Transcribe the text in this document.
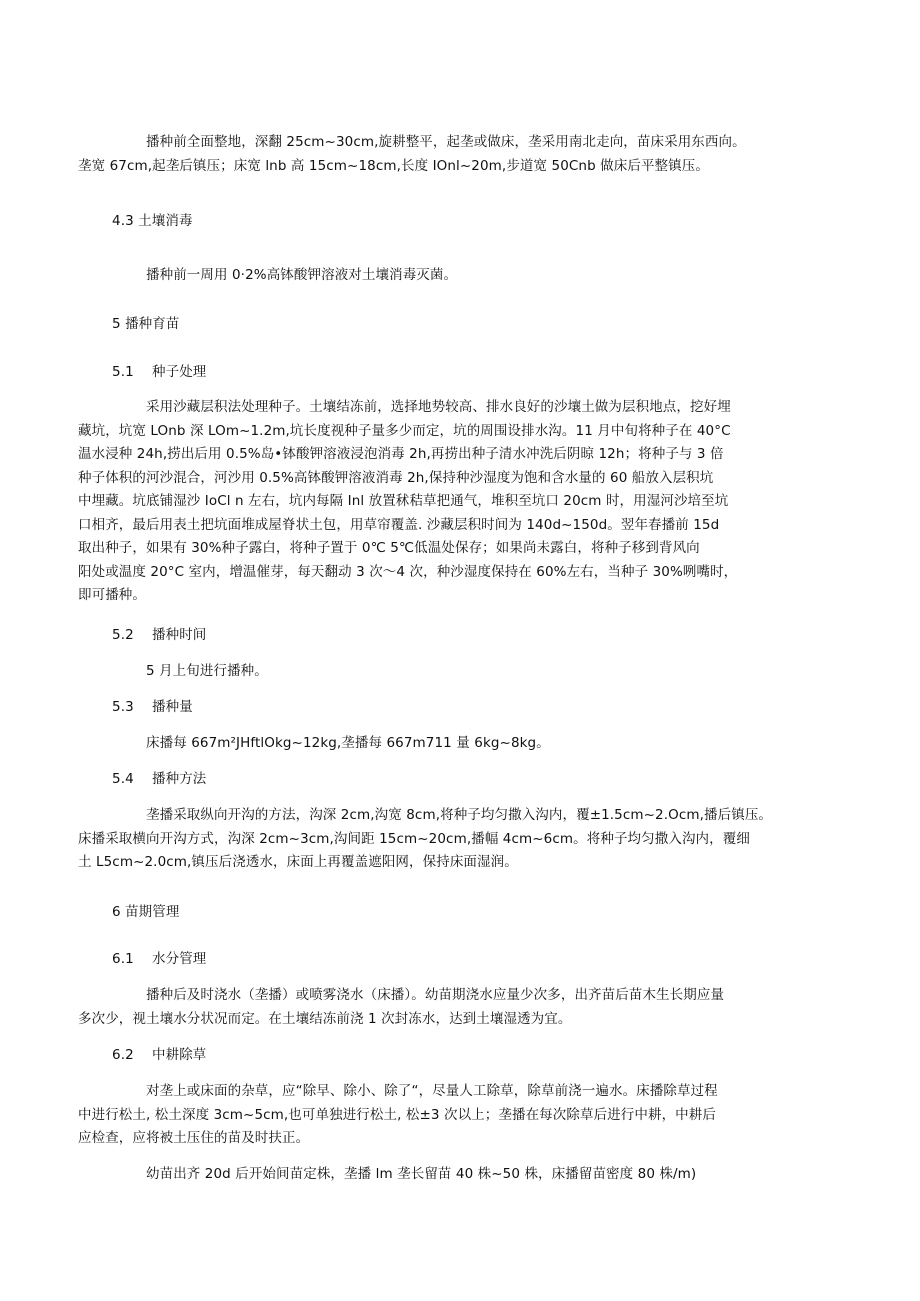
播种前全面整地，深翻 25cm~30cm,旋耕整平，起垄或做床，垄采用南北走向，苗床采用东西向。
垄宽 67cm,起垄后镇压；床宽 lnb 高 15cm~18cm,长度 IOnl~20m,步道宽 50Cnb 做床后平整镇压。
4.3 土壤消毒
播种前一周用 0·2%高钵酸钾溶液对土壤消毒灭菌。
5 播种育苗
5.1 种子处理
采用沙藏层积法处理种子。土壤结冻前，选择地势较高、排水良好的沙壤土做为层积地点，挖好埋
藏坑，坑宽 LOnb 深 LOm~1.2m,坑长度视种子量多少而定，坑的周围设排水沟。11 月中旬将种子在 40°C
温水浸种 24h,捞出后用 0.5%岛•钵酸钾溶液浸泡消毒 2h,再捞出种子清水冲洗后阴晾 12h；将种子与 3 倍
种子体积的河沙混合，河沙用 0.5%高钵酸钾溶液消毒 2h,保持种沙湿度为饱和含水量的 60 船放入层积坑
中埋藏。坑底铺湿沙 IoCl n 左右，坑内每隔 Inl 放置秫秸草把通气，堆积至坑口 20cm 时，用湿河沙培至坑
口相齐，最后用表土把坑面堆成屋脊状土包，用草帘覆盖. 沙藏层积时间为 140d~150d。翌年春播前 15d
取出种子，如果有 30%种子露白，将种子置于 0℃ 5℃低温处保存；如果尚未露白，将种子移到背风向
阳处或温度 20°C 室内，增温催芽，每天翻动 3 次～4 次，种沙湿度保持在 60%左右，当种子 30%咧嘴时，
即可播种。
5.2 播种时间
5 月上旬进行播种。
5.3 播种量
床播每 667m²JHftlOkg~12kg,垄播每 667m711 量 6kg~8kg。
5.4 播种方法
垄播采取纵向开沟的方法，沟深 2cm,沟宽 8cm,将种子均匀撒入沟内，覆±1.5cm~2.Ocm,播后镇压。
床播采取横向开沟方式，沟深 2cm~3cm,沟间距 15cm~20cm,播幅 4cm~6cm。将种子均匀撒入沟内，覆细
土 L5cm~2.0cm,镇压后浇透水，床面上再覆盖遮阳网，保持床面湿润。
6 苗期管理
6.1 水分管理
播种后及时浇水（垄播）或喷雾浇水（床播）。幼苗期浇水应量少次多，出齐苗后苗木生长期应量
多次少，视土壤水分状况而定。在土壤结冻前浇 1 次封冻水，达到土壤湿透为宜。
6.2 中耕除草
对垄上或床面的杂草，应“除早、除小、除了“，尽量人工除草，除草前浇一遍水。床播除草过程
中进行松土, 松土深度 3cm~5cm,也可单独进行松土, 松±3 次以上；垄播在每次除草后进行中耕，中耕后
应检查，应将被土压住的苗及时扶正。
幼苗出齐 20d 后开始间苗定株，垄播 lm 垄长留苗 40 株~50 株，床播留苗密度 80 株/m)
